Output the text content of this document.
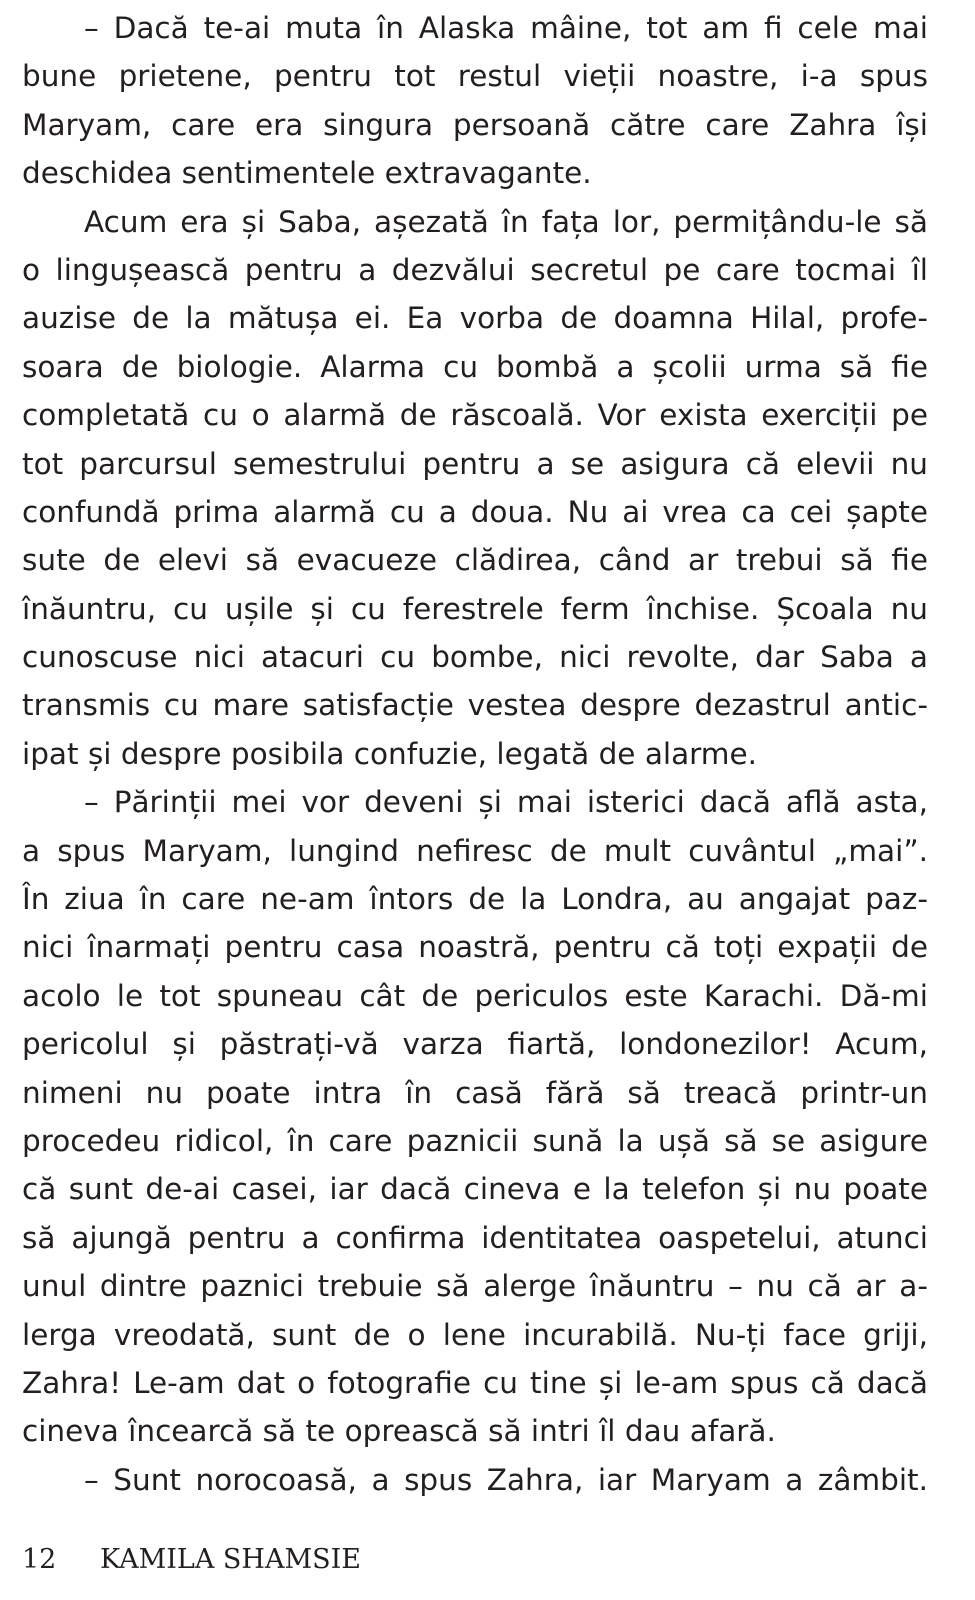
– Dacă te-ai muta în Alaska mâine, tot am fi cele mai
bune prietene, pentru tot restul vieții noastre, i-a spus
Maryam, care era singura persoană către care Zahra își
deschidea sentimentele extravagante.
Acum era și Saba, așezată în fața lor, permițându-le să
o lingușească pentru a dezvălui secretul pe care tocmai îl
auzise de la mătușa ei. Ea vorba de doamna Hilal, profe-
soara de biologie. Alarma cu bombă a școlii urma să fie
completată cu o alarmă de răscoală. Vor exista exerciții pe
tot parcursul semestrului pentru a se asigura că elevii nu
confundă prima alarmă cu a doua. Nu ai vrea ca cei șapte
sute de elevi să evacueze clădirea, când ar trebui să fie
înăuntru, cu ușile și cu ferestrele ferm închise. Școala nu
cunoscuse nici atacuri cu bombe, nici revolte, dar Saba a
transmis cu mare satisfacție vestea despre dezastrul antic-
ipat și despre posibila confuzie, legată de alarme.
– Părinții mei vor deveni și mai isterici dacă află asta,
a spus Maryam, lungind nefiresc de mult cuvântul „mai”.
În ziua în care ne-am întors de la Londra, au angajat paz-
nici înarmați pentru casa noastră, pentru că toți expații de
acolo le tot spuneau cât de periculos este Karachi. Dă-mi
pericolul și păstrați-vă varza fiartă, londonezilor! Acum,
nimeni nu poate intra în casă fără să treacă printr-un
procedeu ridicol, în care paznicii sună la ușă să se asigure
că sunt de-ai casei, iar dacă cineva e la telefon și nu poate
să ajungă pentru a confirma identitatea oaspetelui, atunci
unul dintre paznici trebuie să alerge înăuntru – nu că ar a-
lerga vreodată, sunt de o lene incurabilă. Nu-ți face griji,
Zahra! Le-am dat o fotografie cu tine și le-am spus că dacă
cineva încearcă să te oprească să intri îl dau afară.
– Sunt norocoasă, a spus Zahra, iar Maryam a zâmbit.
12 KAMILA SHAMSIE
